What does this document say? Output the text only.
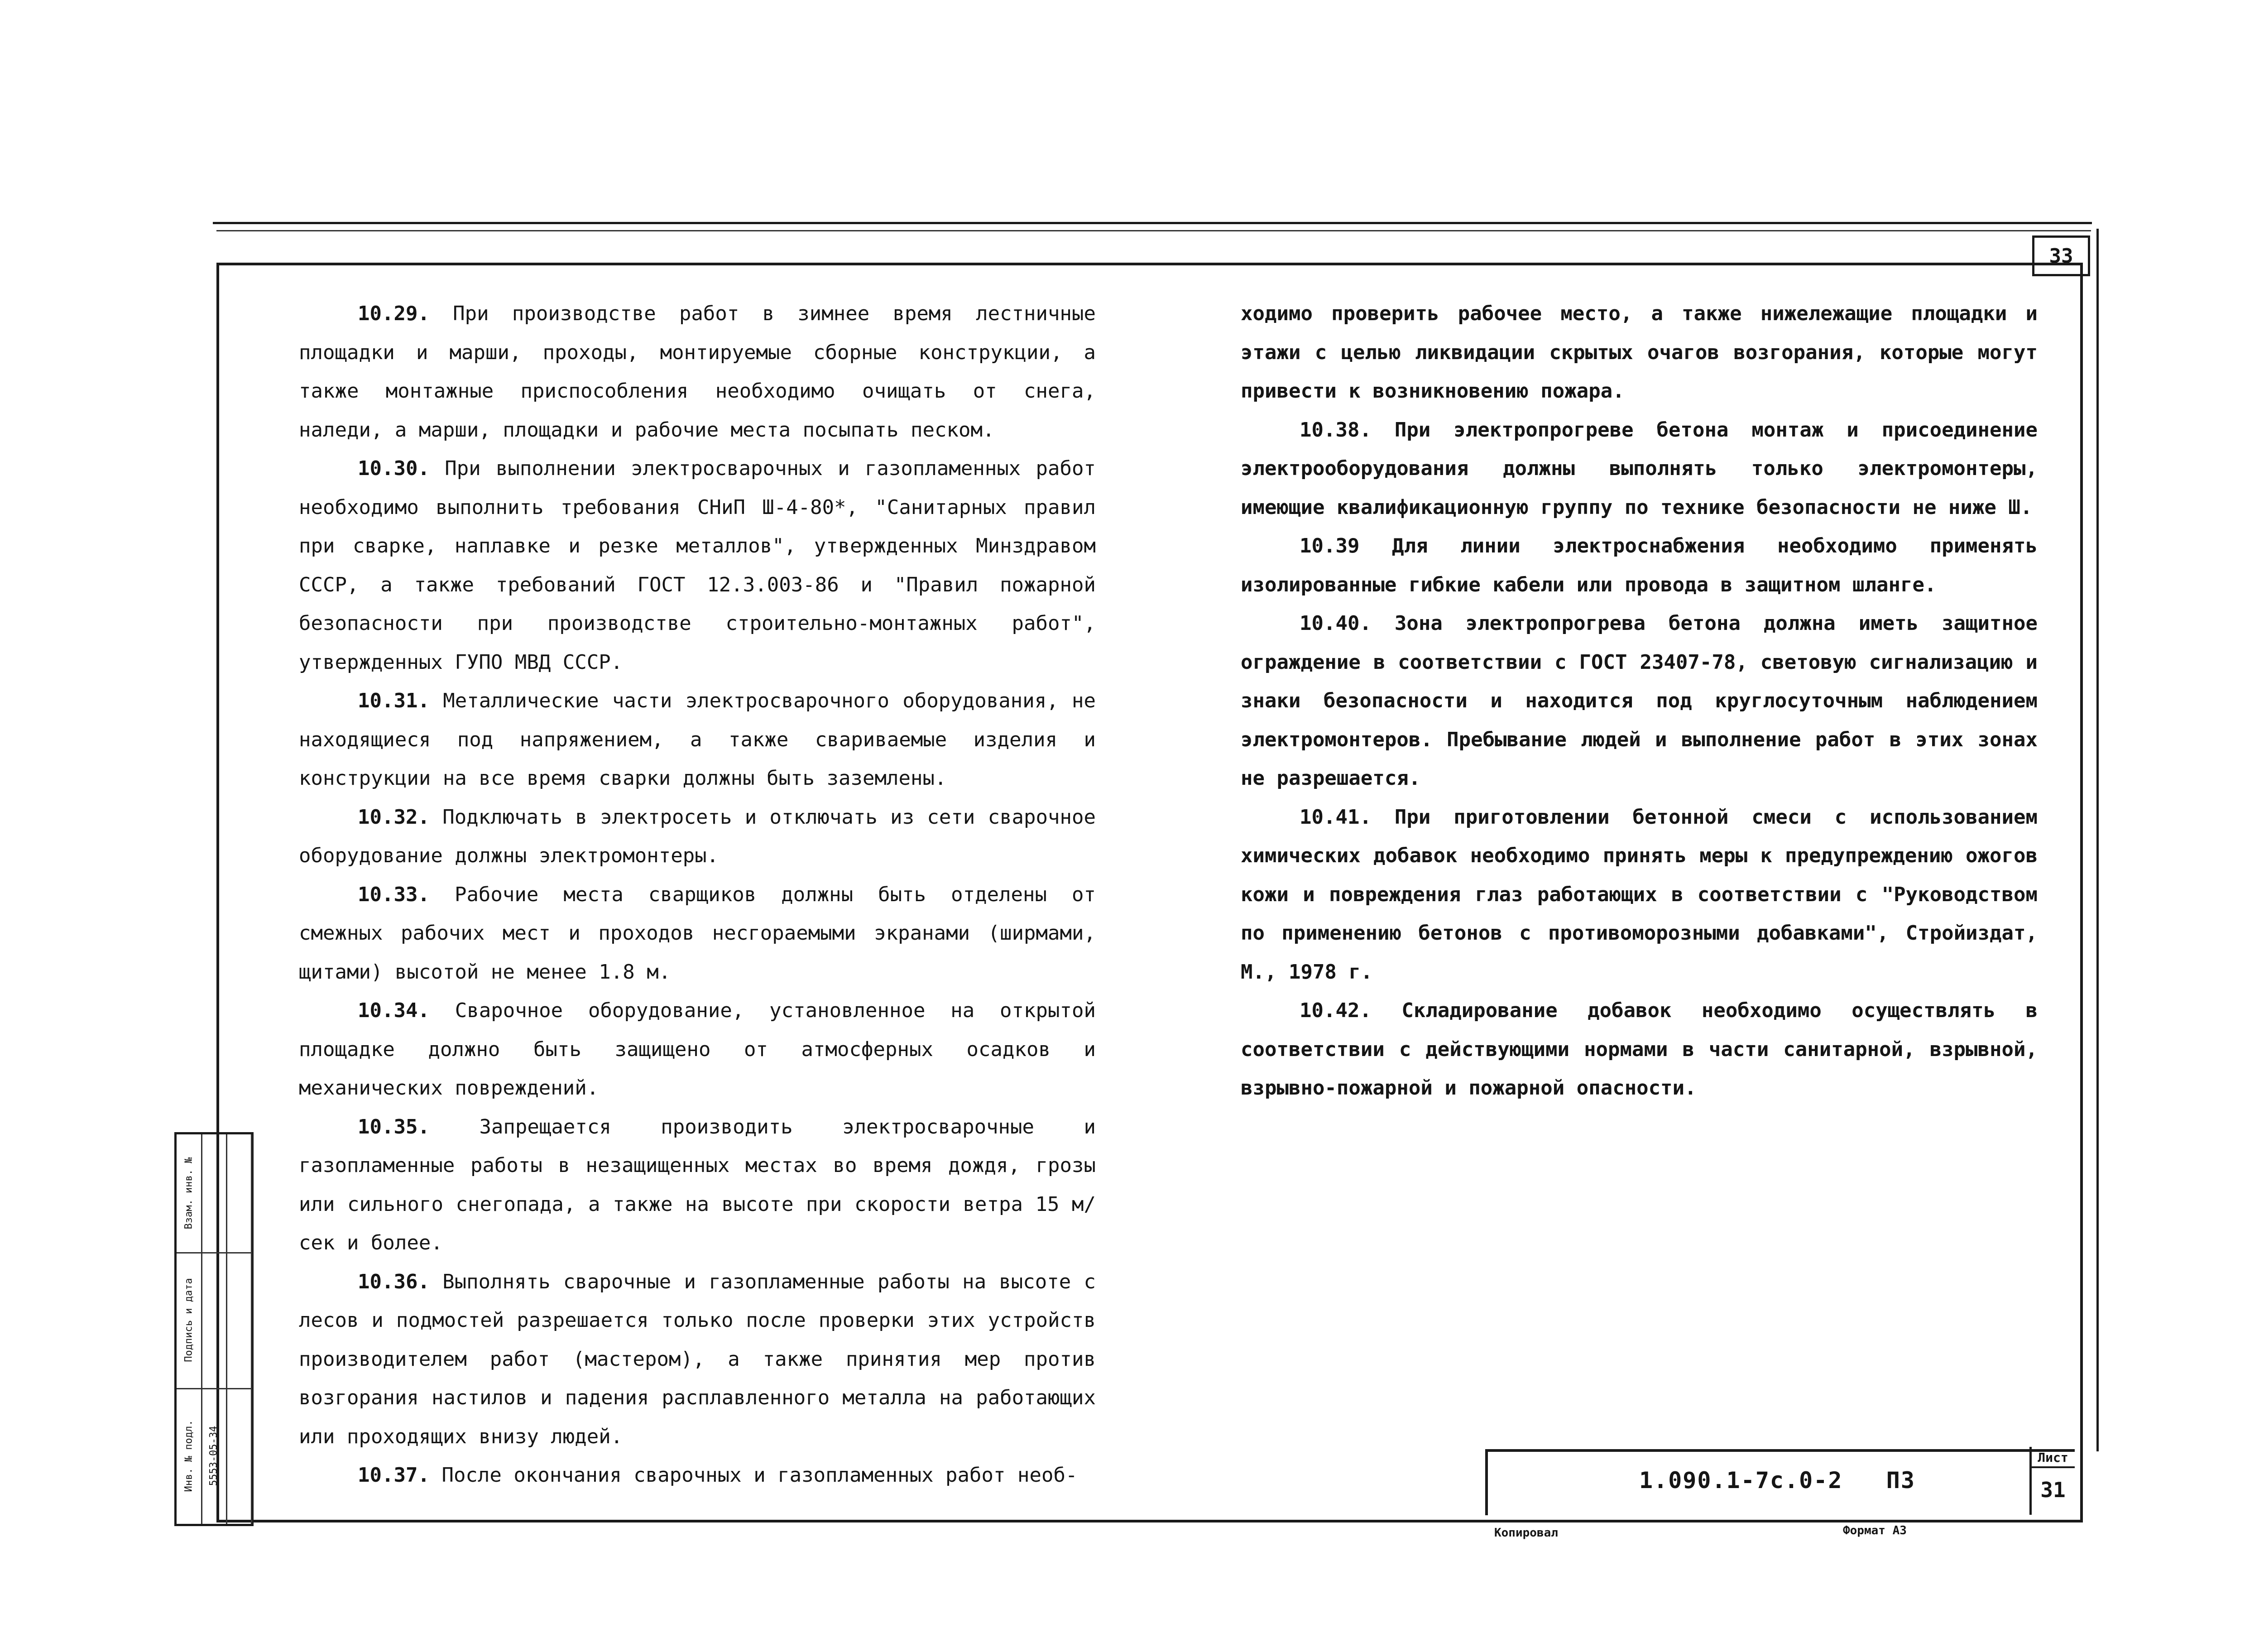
33

10.29. При производстве работ в зимнее время лестничные площадки и марши, проходы, монтируемые сборные конструкции, а также монтажные приспособления необходимо очищать от снега, наледи, а марши, площадки и рабочие места посыпать песком.

10.30. При выполнении электросварочных и газопламенных работ необходимо выполнить требования СНиП Ш-4-80*, "Санитарных правил при сварке, наплавке и резке металлов", утвержденных Минздравом СССР, а также требований ГОСТ 12.3.003-86 и "Правил пожарной безопасности при производстве строительно-монтажных работ", утвержденных ГУПО МВД СССР.

10.31. Металлические части электросварочного оборудования, не находящиеся под напряжением, а также свариваемые изделия и конструкции на все время сварки должны быть заземлены.

10.32. Подключать в электросеть и отключать из сети сварочное оборудование должны электромонтеры.

10.33. Рабочие места сварщиков должны быть отделены от смежных рабочих мест и проходов несгораемыми экранами (ширмами, щитами) высотой не менее 1.8 м.

10.34. Сварочное оборудование, установленное на открытой площадке должно быть защищено от атмосферных осадков и механических повреждений.

10.35. Запрещается производить электросварочные и газопламенные работы в незащищенных местах во время дождя, грозы или сильного снегопада, а также на высоте при скорости ветра 15 м/сек и более.

10.36. Выполнять сварочные и газопламенные работы на высоте с лесов и подмостей разрешается только после проверки этих устройств производителем работ (мастером), а также принятия мер против возгорания настилов и падения расплавленного металла на работающих или проходящих внизу людей.

10.37. После окончания сварочных и газопламенных работ необ-

ходимо проверить рабочее место, а также нижележащие площадки и этажи с целью ликвидации скрытых очагов возгорания, которые могут привести к возникновению пожара.

10.38. При электропрогреве бетона монтаж и присоединение электрооборудования должны выполнять только электромонтеры, имеющие квалификационную группу по технике безопасности не ниже Ш.

10.39 Для линии электроснабжения необходимо применять изолированные гибкие кабели или провода в защитном шланге.

10.40. Зона электропрогрева бетона должна иметь защитное ограждение в соответствии с ГОСТ 23407-78, световую сигнализацию и знаки безопасности и находится под круглосуточным наблюдением электромонтеров. Пребывание людей и выполнение работ в этих зонах не разрешается.

10.41. При приготовлении бетонной смеси с использованием химических добавок необходимо принять меры к предупреждению ожогов кожи и повреждения глаз работающих в соответствии с "Руководством по применению бетонов с противоморозными добавками", Стройиздат, М., 1978 г.

10.42. Складирование добавок необходимо осуществлять в соответствии с действующими нормами в части санитарной, взрывной, взрывно-пожарной и пожарной опасности.

1.090.1-7с.0-2 ПЗ
Лист
31
Копировал	Формат А3
Инв. № подл.
Подпись и дата
Взам. инв. №
5553-05-34
